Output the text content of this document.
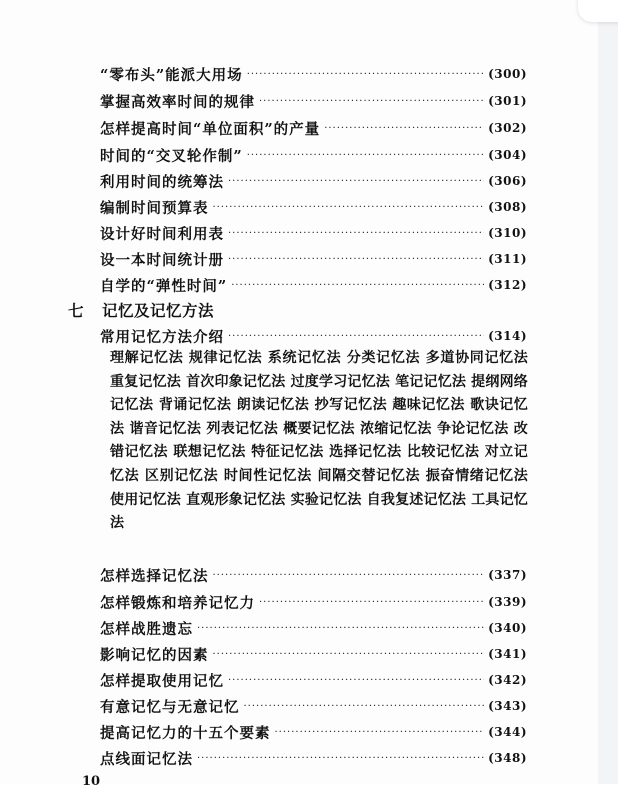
“零布头”能派大用场 ·····	(300)
掌握高效率时间的规律 ·····	(301)
怎样提高时间“单位面积”的产量 ·····	(302)
时间的“交叉轮作制” ·····	(304)
利用时间的统筹法 ·····	(306)
编制时间预算表 ·····	(308)
设计好时间利用表 ·····	(310)
设一本时间统计册 ·····	(311)
自学的“弹性时间” ·····	(312)
七	记忆及记忆方法
常用记忆方法介绍 ·····	(314)
理解记忆法 规律记忆法 系统记忆法 分类记忆法 多道协同记忆法 重复记忆法 首次印象记忆法 过度学习记忆法 笔记记忆法 提纲网络记忆法 背诵记忆法 朗读记忆法 抄写记忆法 趣味记忆法 歌诀记忆法 谐音记忆法 列表记忆法 概要记忆法 浓缩记忆法 争论记忆法 改错记忆法 联想记忆法 特征记忆法 选择记忆法 比较记忆法 对立记忆法 区别记忆法 时间性记忆法 间隔交替记忆法 振奋情绪记忆法 使用记忆法 直观形象记忆法 实验记忆法 自我复述记忆法 工具记忆法
怎样选择记忆法 ·····	(337)
怎样锻炼和培养记忆力 ·····	(339)
怎样战胜遗忘 ·····	(340)
影响记忆的因素 ·····	(341)
怎样提取使用记忆 ·····	(342)
有意记忆与无意记忆 ·····	(343)
提高记忆力的十五个要素 ·····	(344)
点线面记忆法 ·····	(348)
10
